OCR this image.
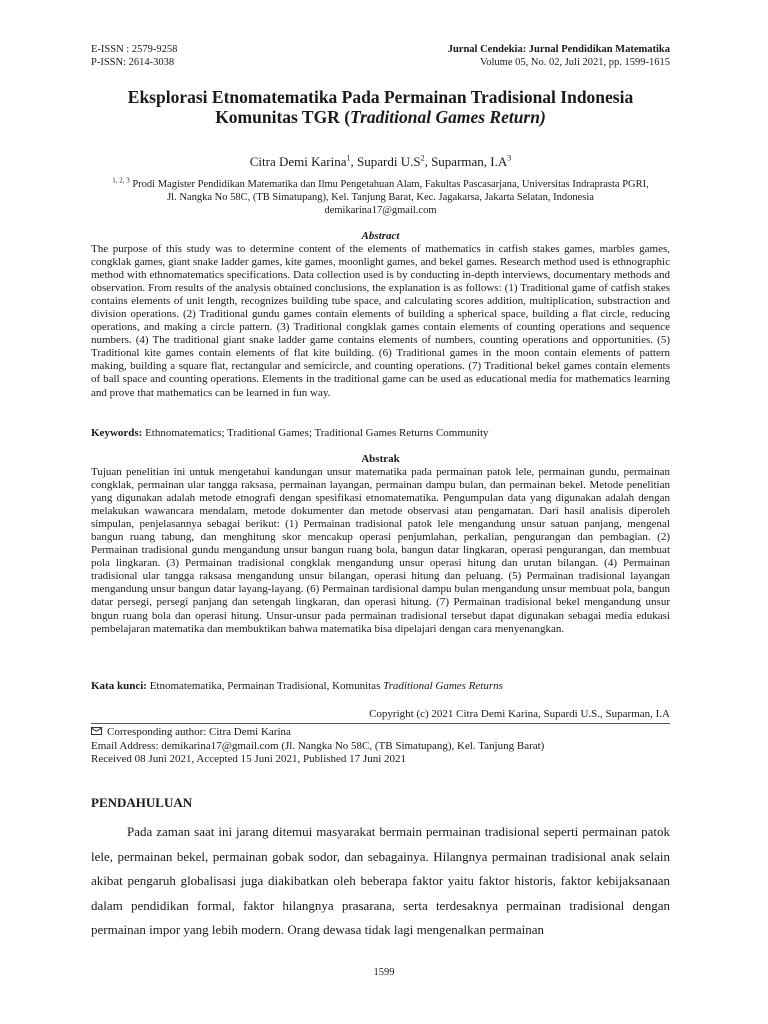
E-ISSN : 2579-9258
P-ISSN: 2614-3038
Jurnal Cendekia: Jurnal Pendidikan Matematika
Volume 05, No. 02, Juli 2021, pp. 1599-1615
Eksplorasi Etnomatematika Pada Permainan Tradisional Indonesia
Komunitas TGR (Traditional Games Return)
Citra Demi Karina$^1$, Supardi $U.S^2$, Suparman, $I.A^3$
$^{1, 2, 3}$ Prodi Magister Pendidikan Matematika dan Ilmu Pengetahuan Alam, Fakultas Pascasarjana, Universitas Indraprasta PGRI,
Jl. Nangka No 58C, (TB Simatupang), Kel. Tanjung Barat, Kec. Jagakarsa, Jakarta Selatan, Indonesia
demikarina17@gmail.com
Abstract
The purpose of this study was to determine content of the elements of mathematics in catfish stakes games, marbles games, congklak games, giant snake ladder games, kite games, moonlight games, and bekel games. Research method used is ethnographic method with ethnomatematics specifications. Data collection used is by conducting in-depth interviews, documentary methods and observation. From results of the analysis obtained conclusions, the explanation is as follows: (1) Traditional game of catfish stakes contains elements of unit length, recognizes building tube space, and calculating scores addition, multiplication, substraction and division operations. (2) Traditional gundu games contain elements of building a spherical space, building a flat circle, reducing operations, and making a circle pattern. (3) Traditional congklak games contain elements of counting operations and sequence numbers. (4) The traditional giant snake ladder game contains elements of numbers, counting operations and opportunities. (5) Traditional kite games contain elements of flat kite building. (6) Traditional games in the moon contain elements of pattern making, building a square flat, rectangular and semicircle, and counting operations. (7) Traditional bekel games contain elements of ball space and counting operations. Elements in the traditional game can be used as educational media for mathematics learning and prove that mathematics can be learned in fun way.
Keywords: Ethnomatematics; Traditional Games; Traditional Games Returns Community
Abstrak
Tujuan penelitian ini untuk mengetahui kandungan unsur matematika pada permainan patok lele, permainan gundu, permainan congklak, permainan ular tangga raksasa, permainan layangan, permainan dampu bulan, dan permainan bekel. Metode penelitian yang digunakan adalah metode etnografi dengan spesifikasi etnomatematika. Pengumpulan data yang digunakan adalah dengan melakukan wawancara mendalam, metode dokumenter dan metode observasi atau pengamatan. Dari hasil analisis diperoleh simpulan, penjelasannya sebagai berikut: (1) Permainan tradisional patok lele mengandung unsur satuan panjang, mengenal bangun ruang tabung, dan menghitung skor mencakup operasi penjumlahan, perkalian, pengurangan dan pembagian. (2) Permainan tradisional gundu mengandung unsur bangun ruang bola, bangun datar lingkaran, operasi pengurangan, dan membuat pola lingkaran. (3) Permainan tradisional congklak mengandung unsur operasi hitung dan urutan bilangan. (4) Permainan tradisional ular tangga raksasa mengandung unsur bilangan, operasi hitung dan peluang. (5) Permainan tradisional layangan mengandung unsur bangun datar layang-layang. (6) Permainan tardisional dampu bulan mengandung unsur membuat pola, bangun datar persegi, persegi panjang dan setengah lingkaran, dan operasi hitung. (7) Permainan tradisional bekel mengandung unsur bngun ruang bola dan operasi hitung. Unsur-unsur pada permainan tradisional tersebut dapat digunakan sebagai media edukasi pembelajaran matematika dan membuktikan bahwa matematika bisa dipelajari dengan cara menyenangkan.
Kata kunci: Etnomatematika, Permainan Tradisional, Komunitas Traditional Games Returns
Copyright (c) 2021 Citra Demi Karina, Supardi U.S., Suparman, I.A
Corresponding author: Citra Demi Karina
Email Address: demikarina17@gmail.com (Jl. Nangka No 58C, (TB Simatupang), Kel. Tanjung Barat)
Received 08 Juni 2021, Accepted 15 Juni 2021, Published 17 Juni 2021
PENDAHULUAN
Pada zaman saat ini jarang ditemui masyarakat bermain permainan tradisional seperti permainan patok lele, permainan bekel, permainan gobak sodor, dan sebagainya. Hilangnya permainan tradisional anak selain akibat pengaruh globalisasi juga diakibatkan oleh beberapa faktor yaitu faktor historis, faktor kebijaksanaan dalam pendidikan formal, faktor hilangnya prasarana, serta terdesaknya permainan tradisional dengan permainan impor yang lebih modern. Orang dewasa tidak lagi mengenalkan permainan
1599
